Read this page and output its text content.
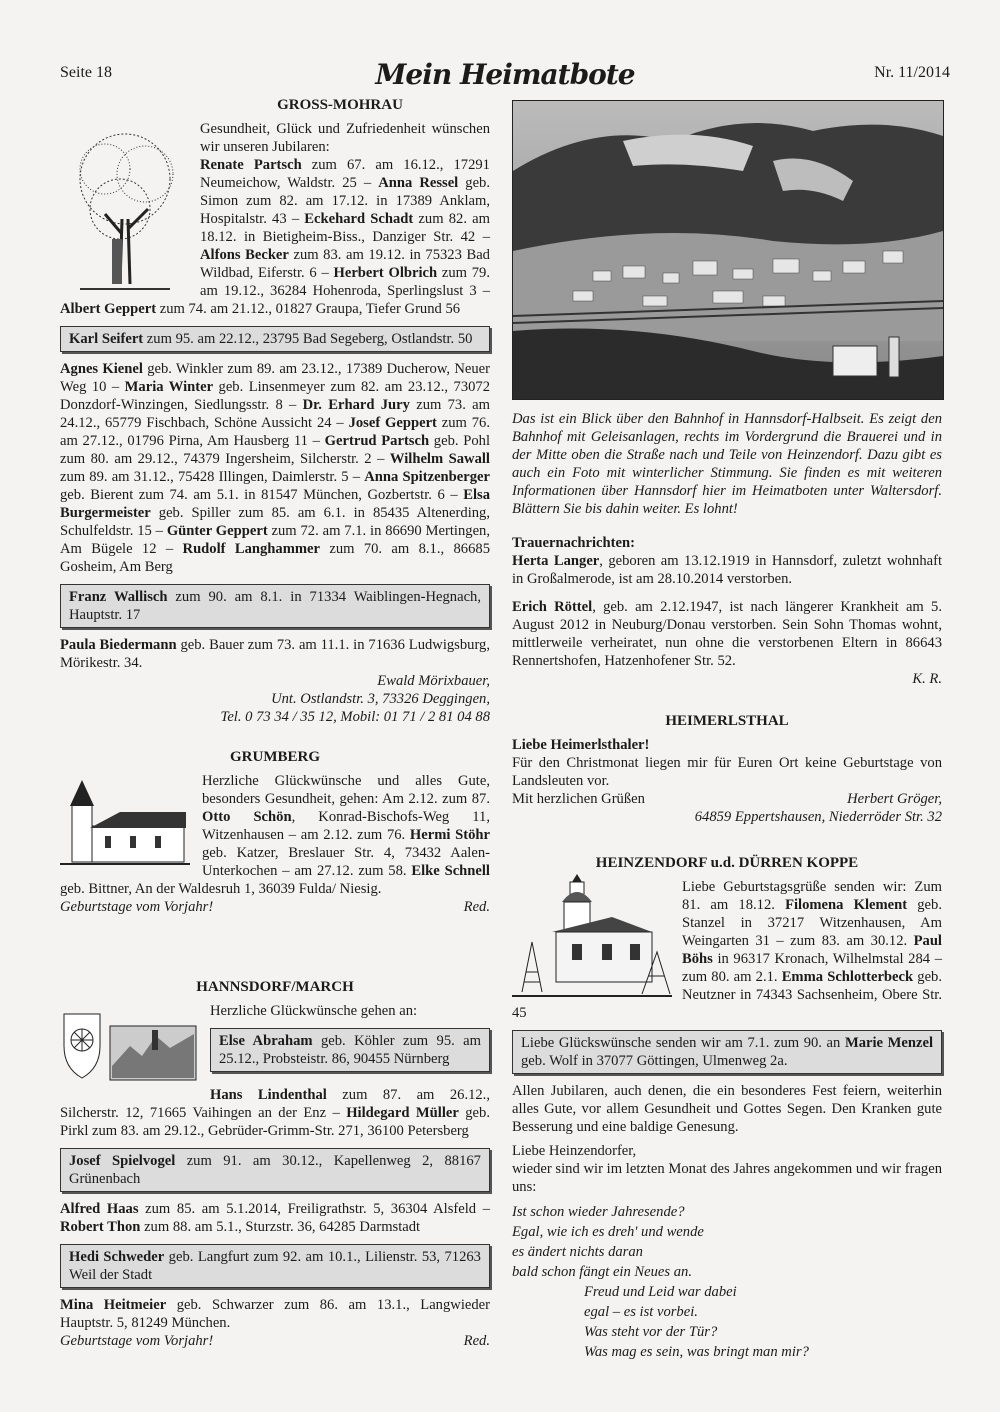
Seite 18	Mein Heimatbote	Nr. 11/2014
GROSS-MOHRAU

Gesundheit, Glück und Zufriedenheit wünschen wir unseren Jubilaren:
Renate Partsch zum 67. am 16.12., 17291 Neumeichow, Waldstr. 25 – Anna Ressel geb. Simon zum 82. am 17.12. in 17389 Anklam, Hospitalstr. 43 – Eckehard Schadt zum 82. am 18.12. in Bietigheim-Biss., Danziger Str. 42 – Alfons Becker zum 83. am 19.12. in 75323 Bad Wildbad, Eiferstr. 6 – Herbert Olbrich zum 79. am 19.12., 36284 Hohenroda, Sperlingslust 3 – Albert Geppert zum 74. am 21.12., 01827 Graupa, Tiefer Grund 56

Karl Seifert zum 95. am 22.12., 23795 Bad Segeberg, Ostlandstr. 50

Agnes Kienel geb. Winkler zum 89. am 23.12., 17389 Ducherow, Neuer Weg 10 – Maria Winter geb. Linsenmeyer zum 82. am 23.12., 73072 Donzdorf-Winzingen, Siedlungsstr. 8 – Dr. Erhard Jury zum 73. am 24.12., 65779 Fischbach, Schöne Aussicht 24 – Josef Geppert zum 76. am 27.12., 01796 Pirna, Am Hausberg 11 – Gertrud Partsch geb. Pohl zum 80. am 29.12., 74379 Ingersheim, Silcherstr. 2 – Wilhelm Sawall zum 89. am 31.12., 75428 Illingen, Daimlerstr. 5 – Anna Spitzenberger geb. Bierent zum 74. am 5.1. in 81547 München, Gozbertstr. 6 – Elsa Burgermeister geb. Spiller zum 85. am 6.1. in 85435 Altenerding, Schulfeldstr. 15 – Günter Geppert zum 72. am 7.1. in 86690 Mertingen, Am Bügele 12 – Rudolf Langhammer zum 70. am 8.1., 86685 Gosheim, Am Berg

Franz Wallisch zum 90. am 8.1. in 71334 Waiblingen-Hegnach, Hauptstr. 17

Paula Biedermann geb. Bauer zum 73. am 11.1. in 71636 Ludwigsburg, Mörikestr. 34.

Ewald Mörixbauer,
Unt. Ostlandstr. 3, 73326 Deggingen,
Tel. 0 73 34 / 35 12, Mobil: 01 71 / 2 81 04 88
GRUMBERG

Herzliche Glückwünsche und alles Gute, besonders Gesundheit, gehen: Am 2.12. zum 87. Otto Schön, Konrad-Bischofs-Weg 11, Witzenhausen – am 2.12. zum 76. Hermi Stöhr geb. Katzer, Breslauer Str. 4, 73432 Aalen-Unterkochen – am 27.12. zum 58. Elke Schnell geb. Bittner, An der Waldesruh 1, 36039 Fulda/ Niesig.

Geburtstage vom Vorjahr!	Red.
HANNSDORF/MARCH

Herzliche Glückwünsche gehen an:

Else Abraham geb. Köhler zum 95. am 25.12., Probsteistr. 86, 90455 Nürnberg

Hans Lindenthal zum 87. am 26.12., Silcherstr. 12, 71665 Vaihingen an der Enz – Hildegard Müller geb. Pirkl zum 83. am 29.12., Gebrüder-Grimm-Str. 271, 36100 Petersberg

Josef Spielvogel zum 91. am 30.12., Kapellenweg 2, 88167 Grünenbach

Alfred Haas zum 85. am 5.1.2014, Freiligrathstr. 5, 36304 Alsfeld – Robert Thon zum 88. am 5.1., Sturzstr. 36, 64285 Darmstadt

Hedi Schweder geb. Langfurt zum 92. am 10.1., Lilienstr. 53, 71263 Weil der Stadt

Mina Heitmeier geb. Schwarzer zum 86. am 13.1., Langwieder Hauptstr. 5, 81249 München.

Geburtstage vom Vorjahr!	Red.

Das ist ein Blick über den Bahnhof in Hannsdorf-Halbseit. Es zeigt den Bahnhof mit Geleisanlagen, rechts im Vordergrund die Brauerei und in der Mitte oben die Straße nach und Teile von Heinzendorf. Dazu gibt es auch ein Foto mit winterlicher Stimmung. Sie finden es mit weiteren Informationen über Hannsdorf hier im Heimatboten unter Waltersdorf. Blättern Sie bis dahin weiter. Es lohnt!

Trauernachrichten:

Herta Langer, geboren am 13.12.1919 in Hannsdorf, zuletzt wohnhaft in Großalmerode, ist am 28.10.2014 verstorben.

Erich Röttel, geb. am 2.12.1947, ist nach längerer Krankheit am 5. August 2012 in Neuburg/Donau verstorben. Sein Sohn Thomas wohnt, mittlerweile verheiratet, nun ohne die verstorbenen Eltern in 86643 Rennertshofen, Hatzenhofener Str. 52.

K. R.
HEIMERLSTHAL
Liebe Heimerlsthaler!

Für den Christmonat liegen mir für Euren Ort keine Geburtstage von Landsleuten vor.

Mit herzlichen Grüßen	Herbert Gröger,
64859 Eppertshausen, Niederröder Str. 32
HEINZENDORF u.d. DÜRREN KOPPE

Liebe Geburtstagsgrüße senden wir: Zum 81. am 18.12. Filomena Klement geb. Stanzel in 37217 Witzenhausen, Am Weingarten 31 – zum 83. am 30.12. Paul Böhs in 96317 Kronach, Wilhelmstal 284 – zum 80. am 2.1. Emma Schlotterbeck geb. Neutzner in 74343 Sachsenheim, Obere Str. 45

Liebe Glückswünsche senden wir am 7.1. zum 90. an Marie Menzel geb. Wolf in 37077 Göttingen, Ulmenweg 2a.

Allen Jubilaren, auch denen, die ein besonderes Fest feiern, weiterhin alles Gute, vor allem Gesundheit und Gottes Segen. Den Kranken gute Besserung und eine baldige Genesung.

Liebe Heinzendorfer,

wieder sind wir im letzten Monat des Jahres angekommen und wir fragen uns:

Ist schon wieder Jahresende?
Egal, wie ich es dreh' und wende
es ändert nichts daran
bald schon fängt ein Neues an.
Freud und Leid war dabei
egal – es ist vorbei.
Was steht vor der Tür?
Was mag es sein, was bringt man mir?
